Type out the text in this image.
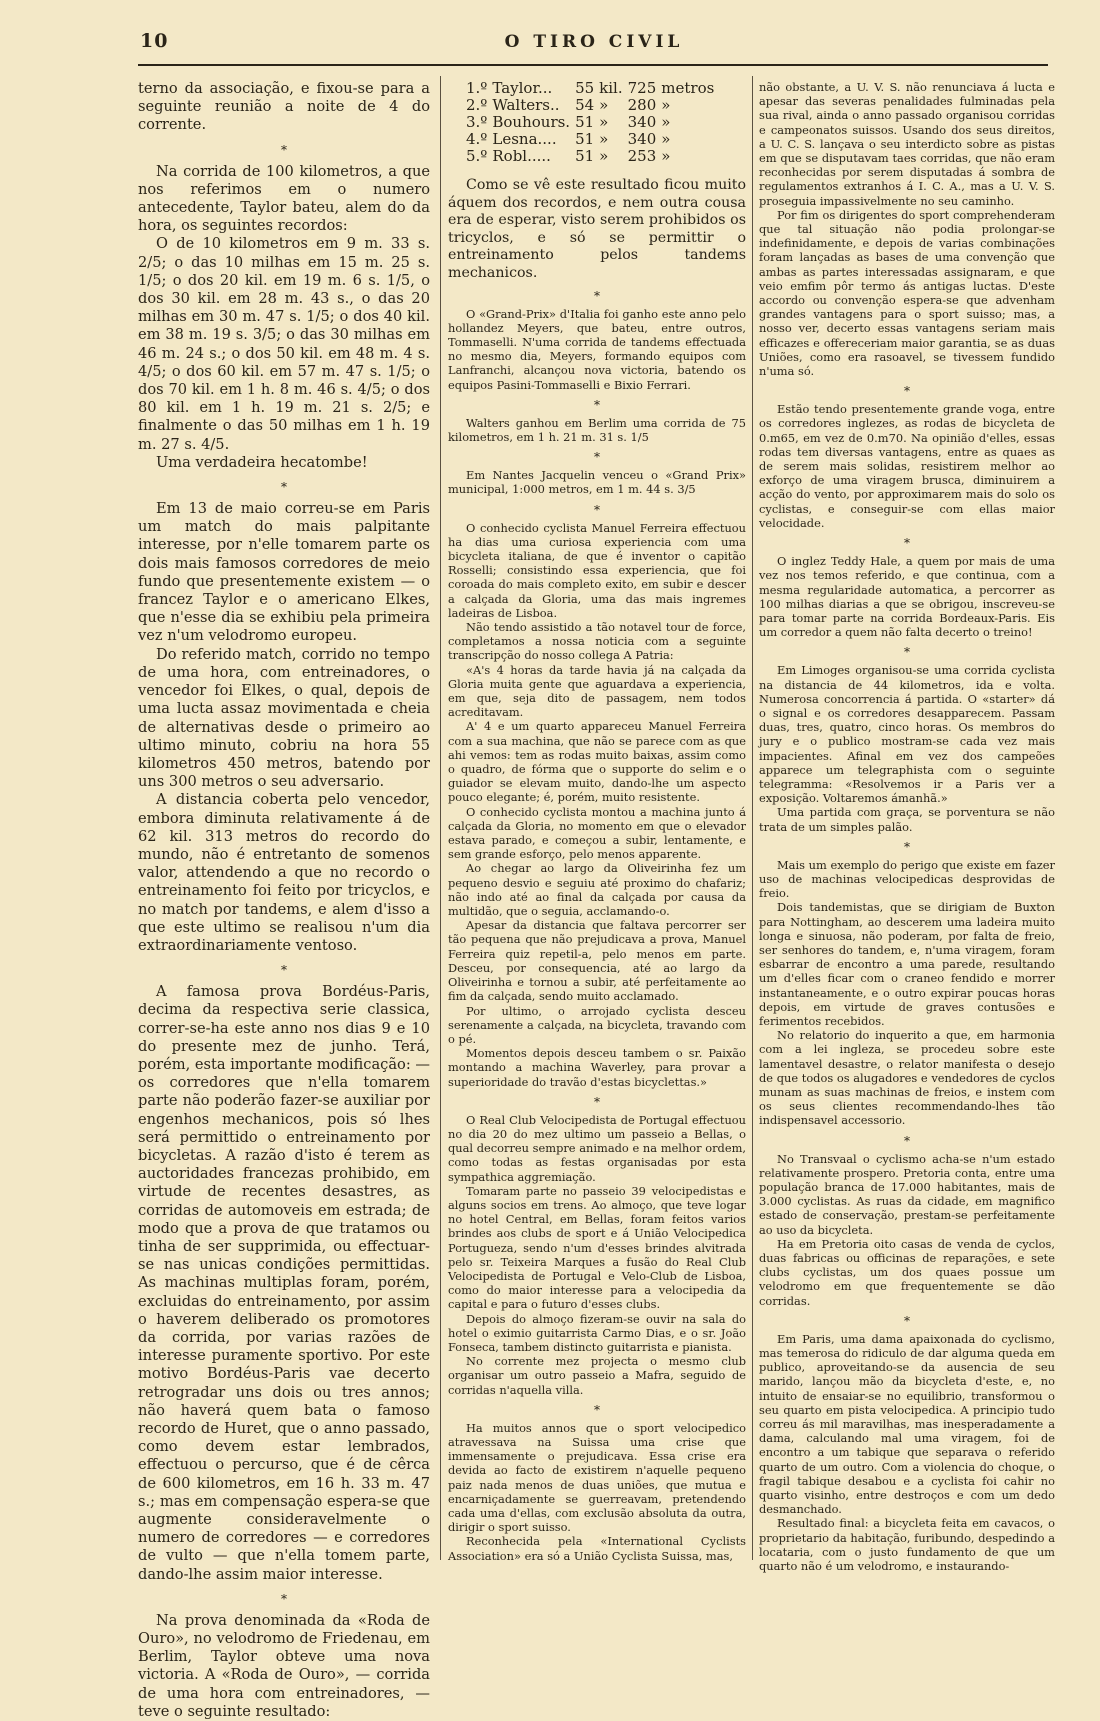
10	O TIRO CIVIL

terno da associação, e fixou-se para a seguinte reunião a noite de 4 do corrente.

*

Na corrida de 100 kilometros, a que nos referimos em o numero antecedente, Taylor bateu, alem do da hora, os seguintes recordos:

O de 10 kilometros em 9 m. 33 s. 2/5; o das 10 milhas em 15 m. 25 s. 1/5; o dos 20 kil. em 19 m. 6 s. 1/5, o dos 30 kil. em 28 m. 43 s., o das 20 milhas em 30 m. 47 s. 1/5; o dos 40 kil. em 38 m. 19 s. 3/5; o das 30 milhas em 46 m. 24 s.; o dos 50 kil. em 48 m. 4 s. 4/5; o dos 60 kil. em 57 m. 47 s. 1/5; o dos 70 kil. em 1 h. 8 m. 46 s. 4/5; o dos 80 kil. em 1 h. 19 m. 21 s. 2/5; e finalmente o das 50 milhas em 1 h. 19 m. 27 s. 4/5.

Uma verdadeira hecatombe!

*

Em 13 de maio correu-se em Paris um match do mais palpitante interesse, por n'elle tomarem parte os dois mais famosos corredores de meio fundo que presentemente existem — o francez Taylor e o americano Elkes, que n'esse dia se exhibiu pela primeira vez n'um velodromo europeu.

Do referido match, corrido no tempo de uma hora, com entreinadores, o vencedor foi Elkes, o qual, depois de uma lucta assaz movimentada e cheia de alternativas desde o primeiro ao ultimo minuto, cobriu na hora 55 kilometros 450 metros, batendo por uns 300 metros o seu adversario.

A distancia coberta pelo vencedor, embora diminuta relativamente á de 62 kil. 313 metros do recordo do mundo, não é entretanto de somenos valor, attendendo a que no recordo o entreinamento foi feito por tricyclos, e no match por tandems, e alem d'isso a que este ultimo se realisou n'um dia extraordinariamente ventoso.

*

A famosa prova Bordéus-Paris, decima da respectiva serie classica, correr-se-ha este anno nos dias 9 e 10 do presente mez de junho. Terá, porém, esta importante modificação: — os corredores que n'ella tomarem parte não poderão fazer-se auxiliar por engenhos mechanicos, pois só lhes será permittido o entreinamento por bicycletas. A razão d'isto é terem as auctoridades francezas prohibido, em virtude de recentes desastres, as corridas de automoveis em estrada; de modo que a prova de que tratamos ou tinha de ser supprimida, ou effectuar-se nas unicas condições permittidas. As machinas multiplas foram, porém, excluidas do entreinamento, por assim o haverem deliberado os promotores da corrida, por varias razões de interesse puramente sportivo. Por este motivo Bordéus-Paris vae decerto retrogradar uns dois ou tres annos; não haverá quem bata o famoso recordo de Huret, que o anno passado, como devem estar lembrados, effectuou o percurso, que é de cêrca de 600 kilometros, em 16 h. 33 m. 47 s.; mas em compensação espera-se que augmente consideravelmente o numero de corredores — e corredores de vulto — que n'ella tomem parte, dando-lhe assim maior interesse.

*

Na prova denominada da «Roda de Ouro», no velodromo de Friedenau, em Berlim, Taylor obteve uma nova victoria. A «Roda de Ouro», — corrida de uma hora com entreinadores, — teve o seguinte resultado:

1.º	Taylor...	55	kil.	725	metros
2.º	Walters..	54	»	280	»
3.º	Bouhours.	51	»	340	»
4.º	Lesna....	51	»	340	»
5.º	Robl.....	51	»	253	»

Como se vê este resultado ficou muito áquem dos recordos, e nem outra cousa era de esperar, visto serem prohibidos os tricyclos, e só se permittir o entreinamento pelos tandems mechanicos.

*

O «Grand-Prix» d'Italia foi ganho este anno pelo hollandez Meyers, que bateu, entre outros, Tommaselli. N'uma corrida de tandems effectuada no mesmo dia, Meyers, formando equipos com Lanfranchi, alcançou nova victoria, batendo os equipos Pasini-Tommaselli e Bixio Ferrari.

*

Walters ganhou em Berlim uma corrida de 75 kilometros, em 1 h. 21 m. 31 s. 1/5

*

Em Nantes Jacquelin venceu o «Grand Prix» municipal, 1:000 metros, em 1 m. 44 s. 3/5

*

O conhecido cyclista Manuel Ferreira effectuou ha dias uma curiosa experiencia com uma bicycleta italiana, de que é inventor o capitão Rosselli; consistindo essa experiencia, que foi coroada do mais completo exito, em subir e descer a calçada da Gloria, uma das mais ingremes ladeiras de Lisboa.

Não tendo assistido a tão notavel tour de force, completamos a nossa noticia com a seguinte transcripção do nosso collega A Patria:

«A's 4 horas da tarde havia já na calçada da Gloria muita gente que aguardava a experiencia, em que, seja dito de passagem, nem todos acreditavam.

A' 4 e um quarto appareceu Manuel Ferreira com a sua machina, que não se parece com as que ahi vemos: tem as rodas muito baixas, assim como o quadro, de fórma que o supporte do selim e o guiador se elevam muito, dando-lhe um aspecto pouco elegante; é, porém, muito resistente.

O conhecido cyclista montou a machina junto á calçada da Gloria, no momento em que o elevador estava parado, e começou a subir, lentamente, e sem grande esforço, pelo menos apparente.

Ao chegar ao largo da Oliveirinha fez um pequeno desvio e seguiu até proximo do chafariz; não indo até ao final da calçada por causa da multidão, que o seguia, acclamando-o.

Apesar da distancia que faltava percorrer ser tão pequena que não prejudicava a prova, Manuel Ferreira quiz repetil-a, pelo menos em parte. Desceu, por consequencia, até ao largo da Oliveirinha e tornou a subir, até perfeitamente ao fim da calçada, sendo muito acclamado.

Por ultimo, o arrojado cyclista desceu serenamente a calçada, na bicycleta, travando com o pé.

Momentos depois desceu tambem o sr. Paixão montando a machina Waverley, para provar a superioridade do travão d'estas bicyclettas.»

*

O Real Club Velocipedista de Portugal effectuou no dia 20 do mez ultimo um passeio a Bellas, o qual decorreu sempre animado e na melhor ordem, como todas as festas organisadas por esta sympathica aggremiação.

Tomaram parte no passeio 39 velocipedistas e alguns socios em trens. Ao almoço, que teve logar no hotel Central, em Bellas, foram feitos varios brindes aos clubs de sport e á União Velocipedica Portugueza, sendo n'um d'esses brindes alvitrada pelo sr. Teixeira Marques a fusão do Real Club Velocipedista de Portugal e Velo-Club de Lisboa, como do maior interesse para a velocipedia da capital e para o futuro d'esses clubs.

Depois do almoço fizeram-se ouvir na sala do hotel o eximio guitarrista Carmo Dias, e o sr. João Fonseca, tambem distincto guitarrista e pianista.

No corrente mez projecta o mesmo club organisar um outro passeio a Mafra, seguido de corridas n'aquella villa.

*

Ha muitos annos que o sport velocipedico atravessava na Suissa uma crise que immensamente o prejudicava. Essa crise era devida ao facto de existirem n'aquelle pequeno paiz nada menos de duas uniões, que mutua e encarniçadamente se guerreavam, pretendendo cada uma d'ellas, com exclusão absoluta da outra, dirigir o sport suisso.

Reconhecida pela «International Cyclists Association» era só a União Cyclista Suissa, mas,

não obstante, a U. V. S. não renunciava á lucta e apesar das severas penalidades fulminadas pela sua rival, ainda o anno passado organisou corridas e campeonatos suissos. Usando dos seus direitos, a U. C. S. lançava o seu interdicto sobre as pistas em que se disputavam taes corridas, que não eram reconhecidas por serem disputadas á sombra de regulamentos extranhos á I. C. A., mas a U. V. S. proseguia impassivelmente no seu caminho.

Por fim os dirigentes do sport comprehenderam que tal situação não podia prolongar-se indefinidamente, e depois de varias combinações foram lançadas as bases de uma convenção que ambas as partes interessadas assignaram, e que veio emfim pôr termo ás antigas luctas. D'este accordo ou convenção espera-se que advenham grandes vantagens para o sport suisso; mas, a nosso ver, decerto essas vantagens seriam mais efficazes e offereceriam maior garantia, se as duas Uniões, como era rasoavel, se tivessem fundido n'uma só.

*

Estão tendo presentemente grande voga, entre os corredores inglezes, as rodas de bicycleta de 0.m65, em vez de 0.m70. Na opinião d'elles, essas rodas tem diversas vantagens, entre as quaes as de serem mais solidas, resistirem melhor ao exforço de uma viragem brusca, diminuirem a acção do vento, por approximarem mais do solo os cyclistas, e conseguir-se com ellas maior velocidade.

*

O inglez Teddy Hale, a quem por mais de uma vez nos temos referido, e que continua, com a mesma regularidade automatica, a percorrer as 100 milhas diarias a que se obrigou, inscreveu-se para tomar parte na corrida Bordeaux-Paris. Eis um corredor a quem não falta decerto o treino!

*

Em Limoges organisou-se uma corrida cyclista na distancia de 44 kilometros, ida e volta. Numerosa concorrencia á partida. O «starter» dá o signal e os corredores desapparecem. Passam duas, tres, quatro, cinco horas. Os membros do jury e o publico mostram-se cada vez mais impacientes. Afinal em vez dos campeões apparece um telegraphista com o seguinte telegramma: «Resolvemos ir a Paris ver a exposição. Voltaremos ámanhã.»

Uma partida com graça, se porventura se não trata de um simples palão.

*

Mais um exemplo do perigo que existe em fazer uso de machinas velocipedicas desprovidas de freio.

Dois tandemistas, que se dirigiam de Buxton para Nottingham, ao descerem uma ladeira muito longa e sinuosa, não poderam, por falta de freio, ser senhores do tandem, e, n'uma viragem, foram esbarrar de encontro a uma parede, resultando um d'elles ficar com o craneo fendido e morrer instantaneamente, e o outro expirar poucas horas depois, em virtude de graves contusões e ferimentos recebidos.

No relatorio do inquerito a que, em harmonia com a lei ingleza, se procedeu sobre este lamentavel desastre, o relator manifesta o desejo de que todos os alugadores e vendedores de cyclos munam as suas machinas de freios, e instem com os seus clientes recommendando-lhes tão indispensavel accessorio.

*

No Transvaal o cyclismo acha-se n'um estado relativamente prospero. Pretoria conta, entre uma população branca de 17.000 habitantes, mais de 3.000 cyclistas. As ruas da cidade, em magnifico estado de conservação, prestam-se perfeitamente ao uso da bicycleta.

Ha em Pretoria oito casas de venda de cyclos, duas fabricas ou officinas de reparações, e sete clubs cyclistas, um dos quaes possue um velodromo em que frequentemente se dão corridas.

*

Em Paris, uma dama apaixonada do cyclismo, mas temerosa do ridiculo de dar alguma queda em publico, aproveitando-se da ausencia de seu marido, lançou mão da bicycleta d'este, e, no intuito de ensaiar-se no equilibrio, transformou o seu quarto em pista velocipedica. A principio tudo correu ás mil maravilhas, mas inesperadamente a dama, calculando mal uma viragem, foi de encontro a um tabique que separava o referido quarto de um outro. Com a violencia do choque, o fragil tabique desabou e a cyclista foi cahir no quarto visinho, entre destroços e com um dedo desmanchado.

Resultado final: a bicycleta feita em cavacos, o proprietario da habitação, furibundo, despedindo a locataria, com o justo fundamento de que um quarto não é um velodromo, e instaurando-
